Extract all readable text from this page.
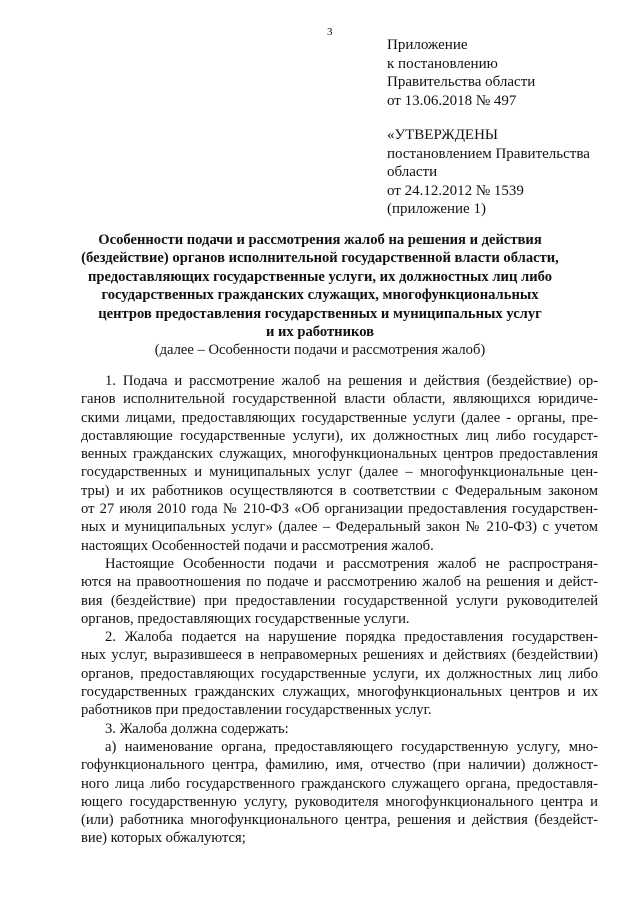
3
Приложение
к постановлению
Правительства области
от 13.06.2018 № 497
«УТВЕРЖДЕНЫ
постановлением Правительства
области
от 24.12.2012 № 1539
(приложение 1)
Особенности подачи и рассмотрения жалоб на решения и действия
(бездействие) органов исполнительной государственной власти области,
предоставляющих государственные услуги, их должностных лиц либо
государственных гражданских служащих, многофункциональных
центров предоставления государственных и муниципальных услуг
и их работников
(далее – Особенности подачи и рассмотрения жалоб)
1. Подача и рассмотрение жалоб на решения и действия (бездействие) ор-
ганов исполнительной государственной власти области, являющихся юридиче-
скими лицами, предоставляющих государственные услуги (далее - органы, пре-
доставляющие государственные услуги), их должностных лиц либо государст-
венных гражданских служащих, многофункциональных центров предоставления
государственных и муниципальных услуг (далее – многофункциональные цен-
тры) и их работников осуществляются в соответствии с Федеральным законом
от 27 июля 2010 года № 210-ФЗ «Об организации предоставления государствен-
ных и муниципальных услуг» (далее – Федеральный закон № 210-ФЗ) с учетом
настоящих Особенностей подачи и рассмотрения жалоб.
Настоящие Особенности подачи и рассмотрения жалоб не распространя-
ются на правоотношения по подаче и рассмотрению жалоб на решения и дейст-
вия (бездействие) при предоставлении государственной услуги руководителей
органов, предоставляющих государственные услуги.
2. Жалоба подается на нарушение порядка предоставления государствен-
ных услуг, выразившееся в неправомерных решениях и действиях (бездействии)
органов, предоставляющих государственные услуги, их должностных лиц либо
государственных гражданских служащих, многофункциональных центров и их
работников при предоставлении государственных услуг.
3. Жалоба должна содержать:
а) наименование органа, предоставляющего государственную услугу, мно-
гофункционального центра, фамилию, имя, отчество (при наличии) должност-
ного лица либо государственного гражданского служащего органа, предоставля-
ющего государственную услугу, руководителя многофункционального центра и
(или) работника многофункционального центра, решения и действия (бездейст-
вие) которых обжалуются;
